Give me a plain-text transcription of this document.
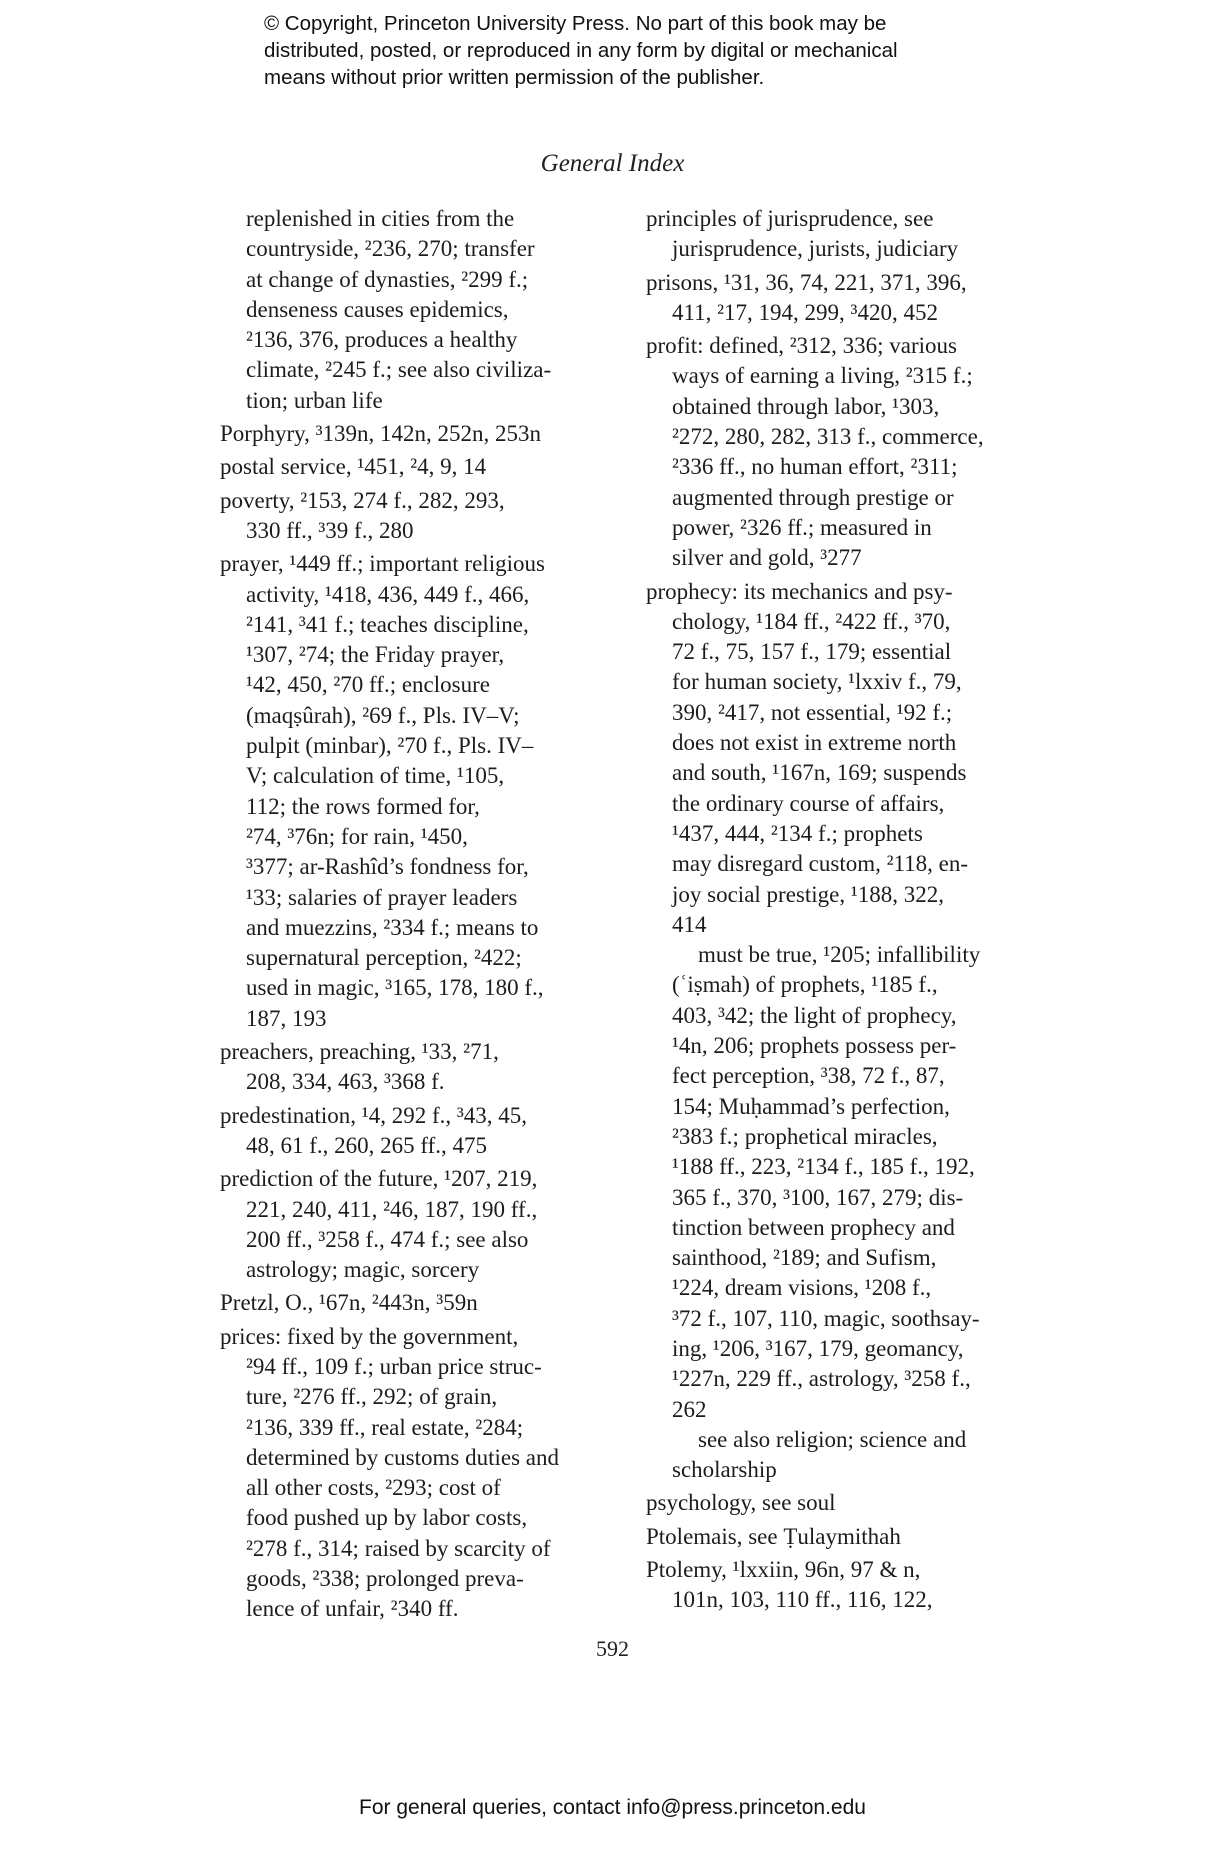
© Copyright, Princeton University Press. No part of this book may be
distributed, posted, or reproduced in any form by digital or mechanical
means without prior written permission of the publisher.
General Index
replenished in cities from the
countryside, ²236, 270; transfer
at change of dynasties, ²299 f.;
denseness causes epidemics,
²136, 376, produces a healthy
climate, ²245 f.; see also civiliza-
tion; urban life
Porphyry, ³139n, 142n, 252n, 253n
postal service, ¹451, ²4, 9, 14
poverty, ²153, 274 f., 282, 293,
330 ff., ³39 f., 280
prayer, ¹449 ff.; important religious
activity, ¹418, 436, 449 f., 466,
²141, ³41 f.; teaches discipline,
¹307, ²74; the Friday prayer,
¹42, 450, ²70 ff.; enclosure
(maqṣûrah), ²69 f., Pls. IV–V;
pulpit (minbar), ²70 f., Pls. IV–
V; calculation of time, ¹105,
112; the rows formed for,
²74, ³76n; for rain, ¹450,
³377; ar-Rashîd’s fondness for,
¹33; salaries of prayer leaders
and muezzins, ²334 f.; means to
supernatural perception, ²422;
used in magic, ³165, 178, 180 f.,
187, 193
preachers, preaching, ¹33, ²71,
208, 334, 463, ³368 f.
predestination, ¹4, 292 f., ³43, 45,
48, 61 f., 260, 265 ff., 475
prediction of the future, ¹207, 219,
221, 240, 411, ²46, 187, 190 ff.,
200 ff., ³258 f., 474 f.; see also
astrology; magic, sorcery
Pretzl, O., ¹67n, ²443n, ³59n
prices: fixed by the government,
²94 ff., 109 f.; urban price struc-
ture, ²276 ff., 292; of grain,
²136, 339 ff., real estate, ²284;
determined by customs duties and
all other costs, ²293; cost of
food pushed up by labor costs,
²278 f., 314; raised by scarcity of
goods, ²338; prolonged preva-
lence of unfair, ²340 ff.
principles of jurisprudence, see
jurisprudence, jurists, judiciary
prisons, ¹31, 36, 74, 221, 371, 396,
411, ²17, 194, 299, ³420, 452
profit: defined, ²312, 336; various
ways of earning a living, ²315 f.;
obtained through labor, ¹303,
²272, 280, 282, 313 f., commerce,
²336 ff., no human effort, ²311;
augmented through prestige or
power, ²326 ff.; measured in
silver and gold, ³277
prophecy: its mechanics and psy-
chology, ¹184 ff., ²422 ff., ³70,
72 f., 75, 157 f., 179; essential
for human society, ¹lxxiv f., 79,
390, ²417, not essential, ¹92 f.;
does not exist in extreme north
and south, ¹167n, 169; suspends
the ordinary course of affairs,
¹437, 444, ²134 f.; prophets
may disregard custom, ²118, en-
joy social prestige, ¹188, 322,
414
must be true, ¹205; infallibility
(ʿiṣmah) of prophets, ¹185 f.,
403, ³42; the light of prophecy,
¹4n, 206; prophets possess per-
fect perception, ³38, 72 f., 87,
154; Muḥammad’s perfection,
²383 f.; prophetical miracles,
¹188 ff., 223, ²134 f., 185 f., 192,
365 f., 370, ³100, 167, 279; dis-
tinction between prophecy and
sainthood, ²189; and Sufism,
¹224, dream visions, ¹208 f.,
³72 f., 107, 110, magic, soothsay-
ing, ¹206, ³167, 179, geomancy,
¹227n, 229 ff., astrology, ³258 f.,
262
see also religion; science and
scholarship
psychology, see soul
Ptolemais, see Ṭulaymithah
Ptolemy, ¹lxxiin, 96n, 97 & n,
101n, 103, 110 ff., 116, 122,
592
For general queries, contact info@press.princeton.edu
